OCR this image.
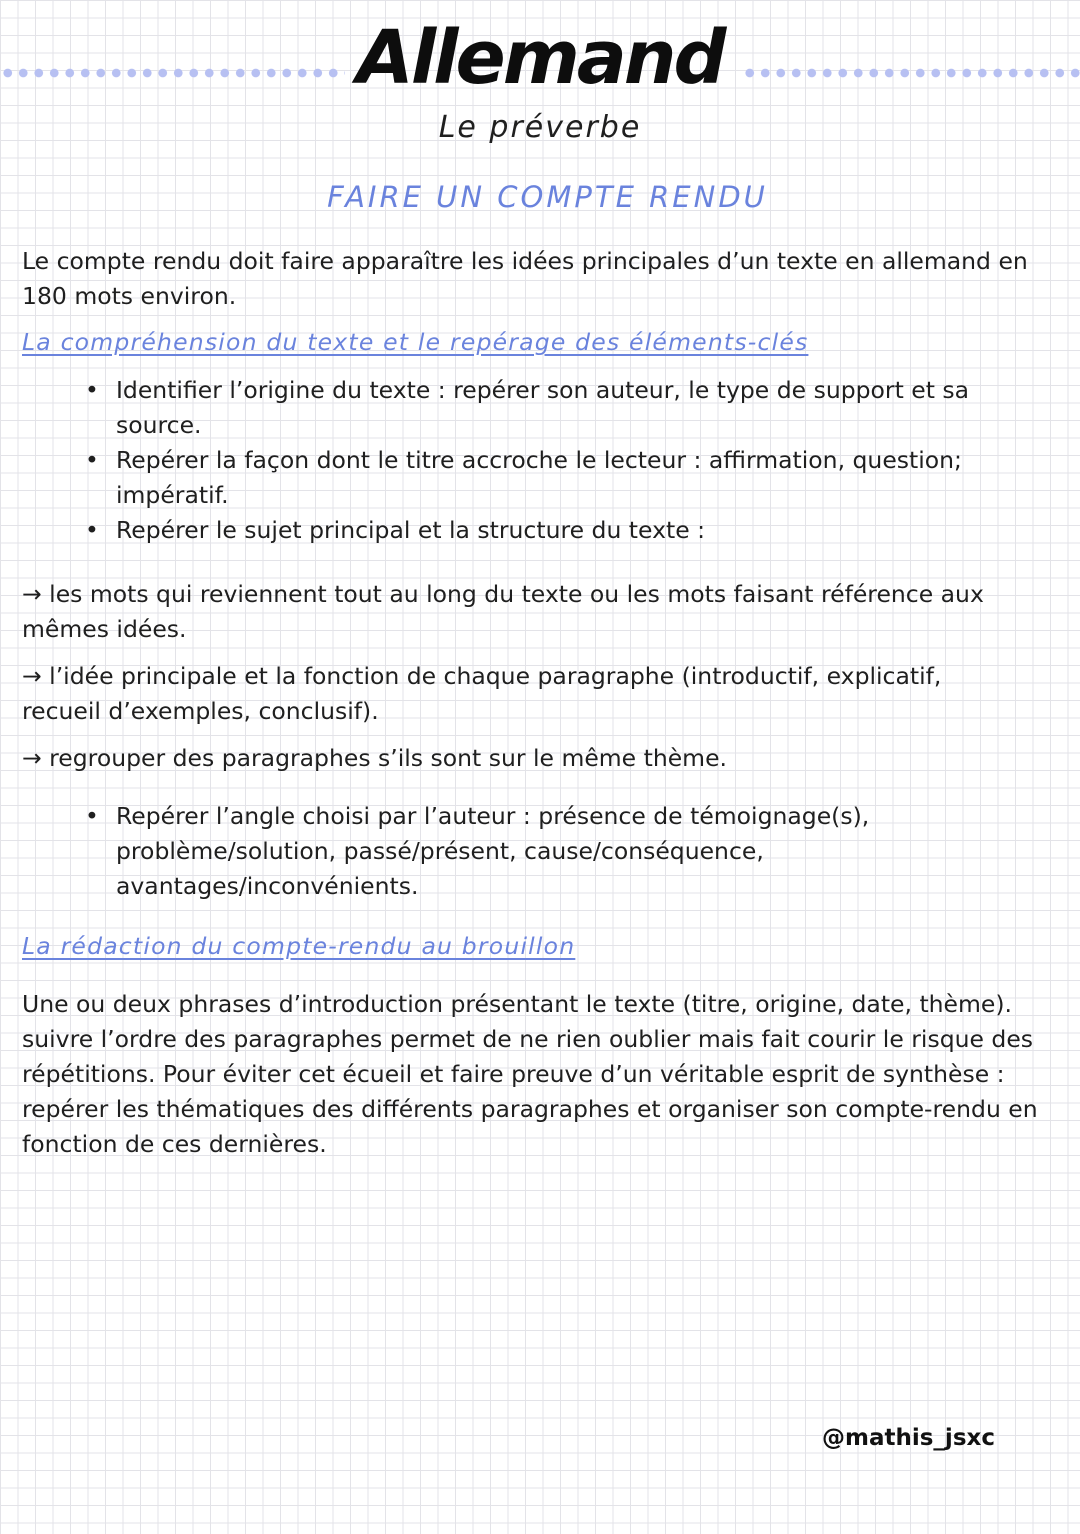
Allemand
Le préverbe
FAIRE UN COMPTE RENDU

Le compte rendu doit faire apparaître les idées principales d’un texte en allemand en 180 mots environ.

La compréhension du texte et le repérage des éléments-clés

• Identifier l’origine du texte : repérer son auteur, le type de support et sa source.
• Repérer la façon dont le titre accroche le lecteur : affirmation, question; impératif.
• Repérer le sujet principal et la structure du texte :

→ les mots qui reviennent tout au long du texte ou les mots faisant référence aux mêmes idées.

→ l’idée principale et la fonction de chaque paragraphe (introductif, explicatif, recueil d’exemples, conclusif).

→ regrouper des paragraphes s’ils sont sur le même thème.

• Repérer l’angle choisi par l’auteur : présence de témoignage(s), problème/solution, passé/présent, cause/conséquence, avantages/inconvénients.

La rédaction du compte-rendu au brouillon

Une ou deux phrases d’introduction présentant le texte (titre, origine, date, thème). suivre l’ordre des paragraphes permet de ne rien oublier mais fait courir le risque des répétitions. Pour éviter cet écueil et faire preuve d’un véritable esprit de synthèse : repérer les thématiques des différents paragraphes et organiser son compte-rendu en fonction de ces dernières.

@mathis_jsxc
